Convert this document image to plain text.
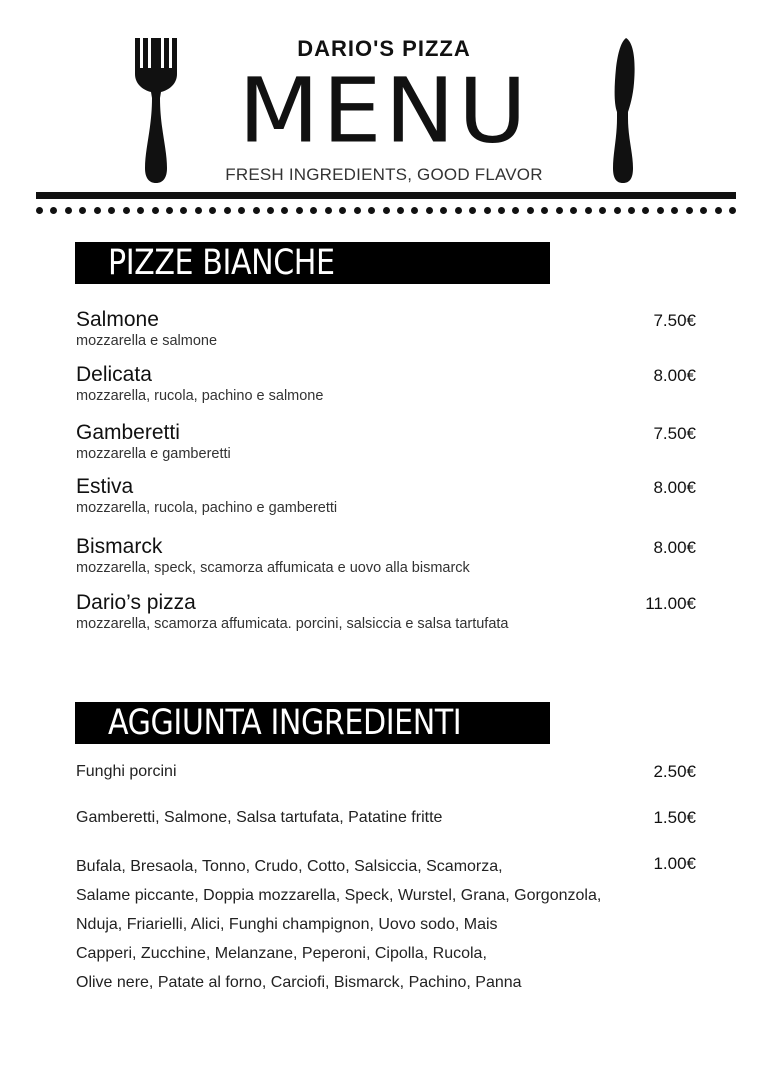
DARIO'S PIZZA
MENU
FRESH INGREDIENTS, GOOD FLAVOR
PIZZE BIANCHE
Salmone
mozzarella e salmone
7.50€
Delicata
mozzarella, rucola, pachino e salmone
8.00€
Gamberetti
mozzarella e gamberetti
7.50€
Estiva
mozzarella, rucola, pachino e gamberetti
8.00€
Bismarck
mozzarella, speck, scamorza affumicata e uovo alla bismarck
8.00€
Dario’s pizza
mozzarella, scamorza affumicata. porcini, salsiccia e salsa tartufata
11.00€
AGGIUNTA INGREDIENTI
Funghi porcini	2.50€
Gamberetti, Salmone, Salsa tartufata, Patatine fritte	1.50€
Bufala, Bresaola, Tonno, Crudo, Cotto, Salsiccia, Scamorza,
Salame piccante, Doppia mozzarella, Speck, Wurstel, Grana, Gorgonzola,
Nduja, Friarielli, Alici, Funghi champignon, Uovo sodo, Mais
Capperi, Zucchine, Melanzane, Peperoni, Cipolla, Rucola,
Olive nere, Patate al forno, Carciofi, Bismarck, Pachino, Panna
1.00€
